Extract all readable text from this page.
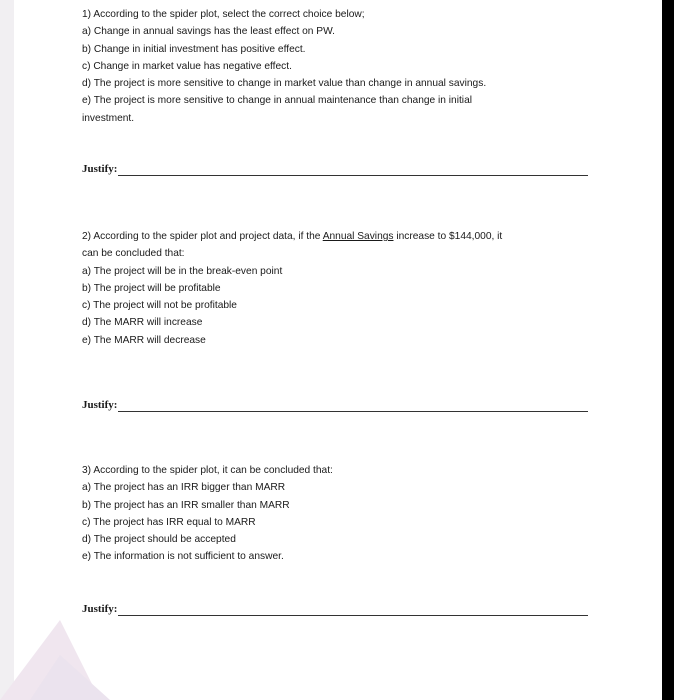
1) According to the spider plot, select the correct choice below;

a) Change in annual savings has the least effect on PW.

b) Change in initial investment has positive effect.

c) Change in market value has negative effect.

d) The project is more sensitive to change in market value than change in annual savings.

e) The project is more sensitive to change in annual maintenance than change in initial

investment.

Justify:

2) According to the spider plot and project data, if the Annual Savings increase to $144,000, it

can be concluded that:

a) The project will be in the break-even point

b) The project will be profitable

c) The project will not be profitable

d) The MARR will increase

e) The MARR will decrease

Justify:

3) According to the spider plot, it can be concluded that:

a) The project has an IRR bigger than MARR

b) The project has an IRR smaller than MARR

c) The project has IRR equal to MARR

d) The project should be accepted

e) The information is not sufficient to answer.

Justify:
